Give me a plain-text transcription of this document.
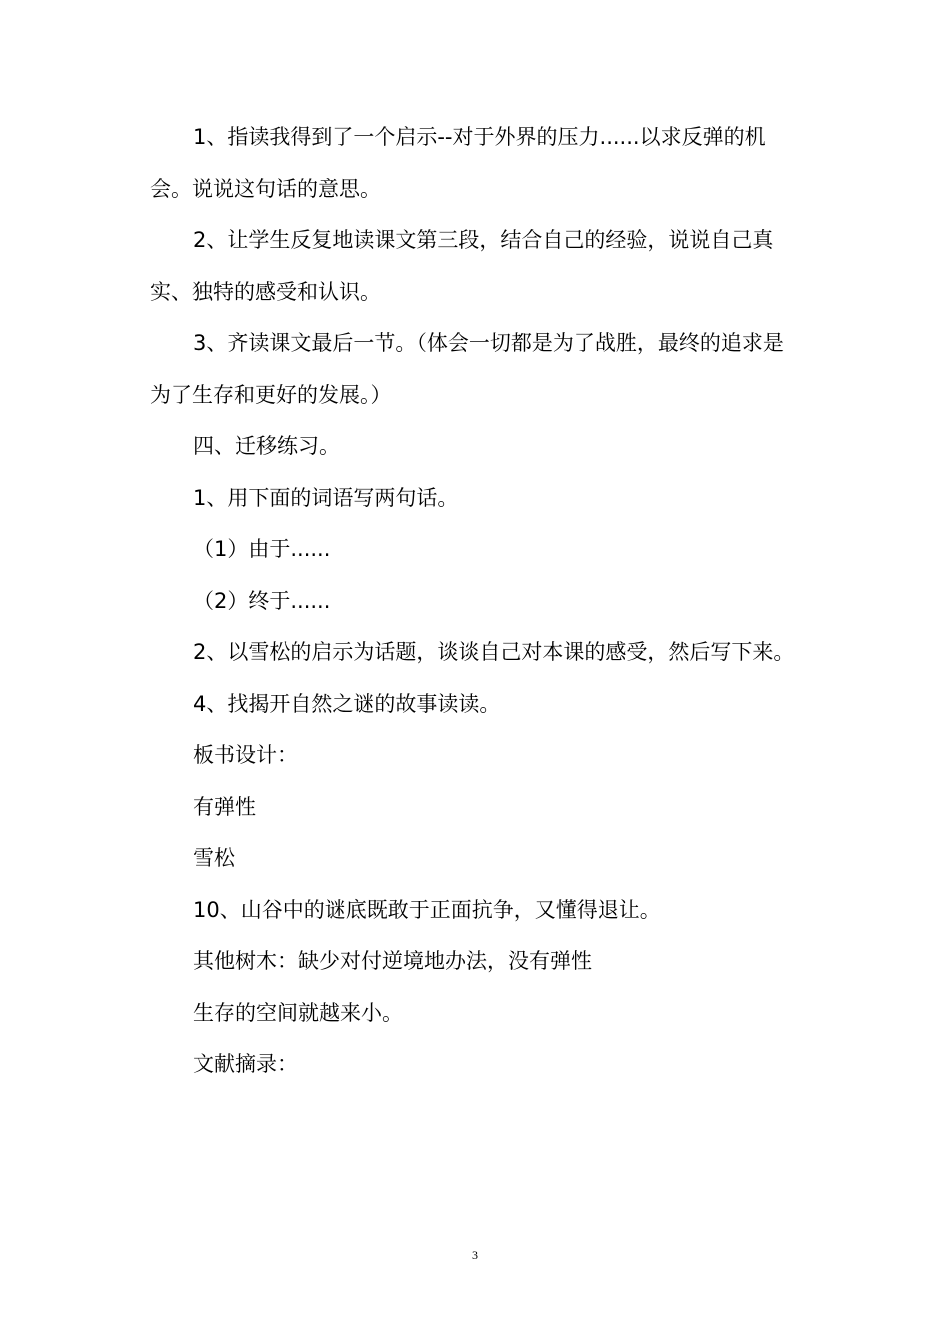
1、指读我得到了一个启示--对于外界的压力......以求反弹的机会。说说这句话的意思。

2、让学生反复地读课文第三段，结合自己的经验，说说自己真实、独特的感受和认识。

3、齐读课文最后一节。（体会一切都是为了战胜，最终的追求是为了生存和更好的发展。）

四、迁移练习。

1、用下面的词语写两句话。

（1）由于......

（2）终于......

2、以雪松的启示为话题，谈谈自己对本课的感受，然后写下来。

4、找揭开自然之谜的故事读读。

板书设计：

有弹性

雪松

10、山谷中的谜底既敢于正面抗争，又懂得退让。

其他树木：缺少对付逆境地办法，没有弹性

生存的空间就越来小。

文献摘录：

3
